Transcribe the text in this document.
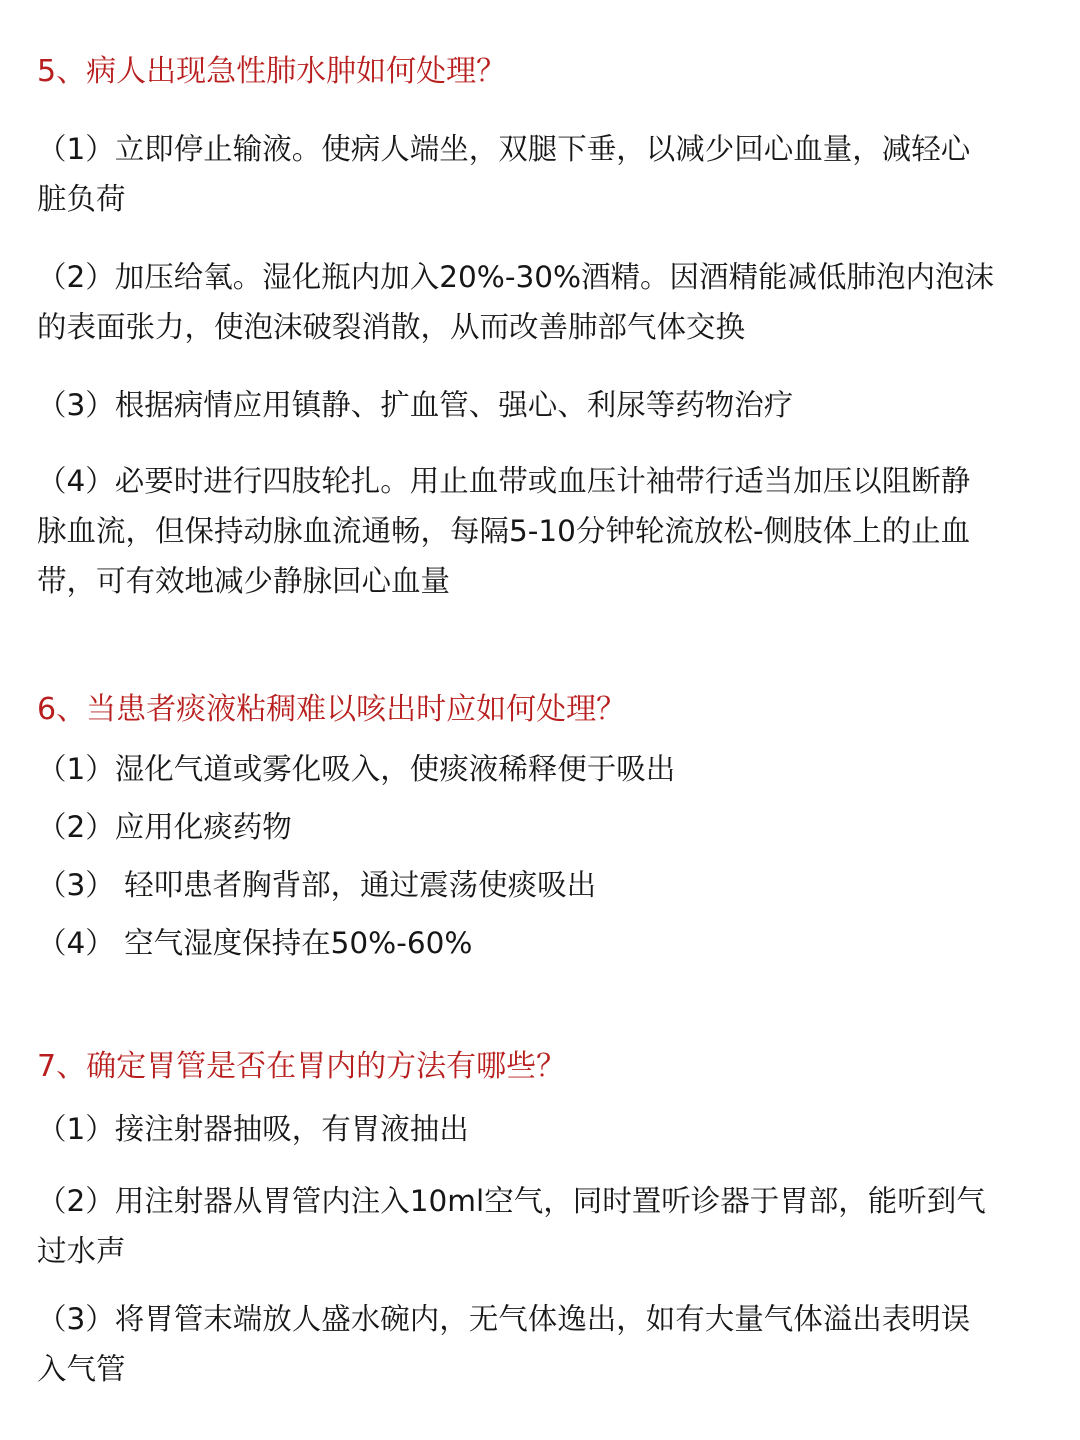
5、病人出现急性肺水肿如何处理？
（1）立即停止输液。使病人端坐，双腿下垂，以减少回心血量，减轻心
脏负荷
（2）加压给氧。湿化瓶内加入20%-30%酒精。因酒精能减低肺泡内泡沫
的表面张力，使泡沫破裂消散，从而改善肺部气体交换
（3）根据病情应用镇静、扩血管、强心、利尿等药物治疗
（4）必要时进行四肢轮扎。用止血带或血压计袖带行适当加压以阻断静
脉血流，但保持动脉血流通畅，每隔5-10分钟轮流放松-侧肢体上的止血
带，可有效地减少静脉回心血量
6、当患者痰液粘稠难以咳出时应如何处理？
（1）湿化气道或雾化吸入，使痰液稀释便于吸出
（2）应用化痰药物
（3） 轻叩患者胸背部，通过震荡使痰吸出
（4） 空气湿度保持在50%-60%
7、确定胃管是否在胃内的方法有哪些？
（1）接注射器抽吸，有胃液抽出
（2）用注射器从胃管内注入10ml空气，同时置听诊器于胃部，能听到气
过水声
（3）将胃管末端放人盛水碗内，无气体逸出，如有大量气体溢出表明误
入气管
